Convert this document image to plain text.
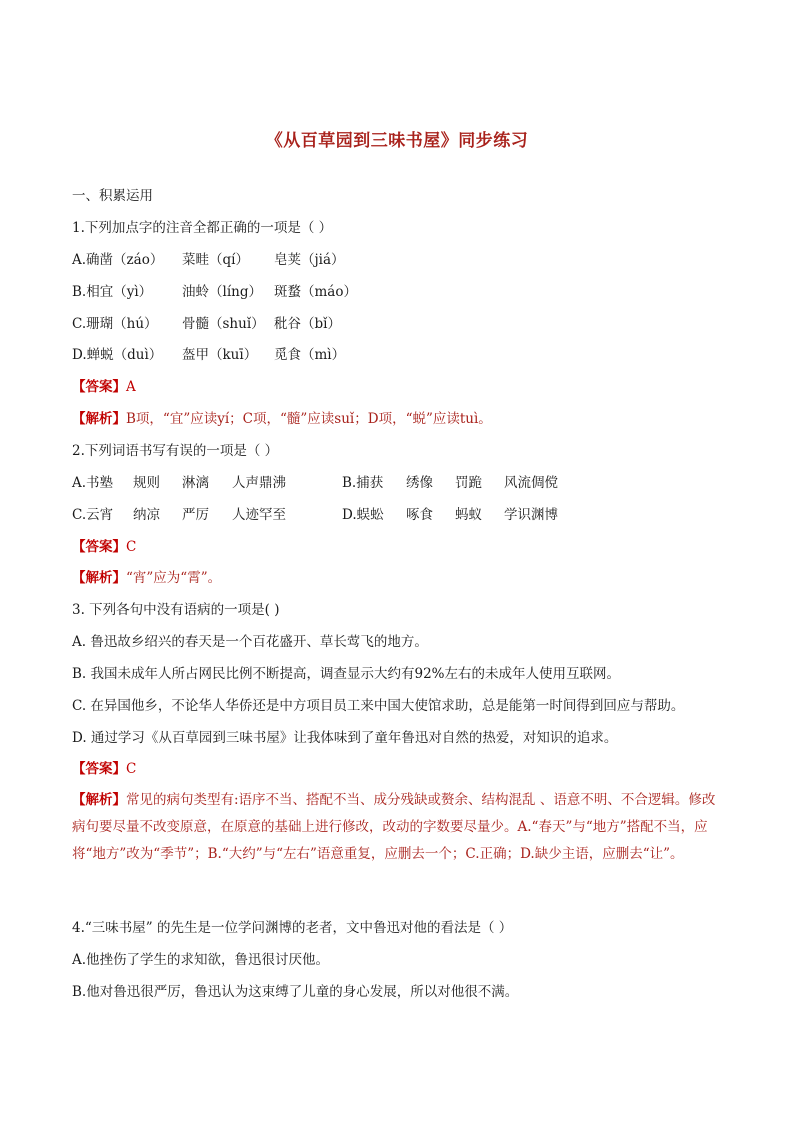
《从百草园到三味书屋》同步练习
一、积累运用
1.下列加点字的注音全都正确的一项是（ ）
A.确凿（záo） 菜畦（qí） 皂荚（jiá）
B.相宜（yì） 油蛉（líng） 斑蝥（máo）
C.珊瑚（hú） 骨髓（shuǐ） 秕谷（bǐ）
D.蝉蜕（duì） 盔甲（kuī） 觅食（mì）
【答案】A
【解析】B项，“宜”应读yí；C项，“髓”应读suǐ；D项，“蜕”应读tuì。
2.下列词语书写有误的一项是（ ）
A.书塾 规则 淋漓 人声鼎沸	B.捕获 绣像 罚跪 风流倜傥
C.云宵 纳凉 严厉 人迹罕至	D.蜈蚣 啄食 蚂蚁 学识渊博
【答案】C
【解析】“宵”应为“霄”。
3. 下列各句中没有语病的一项是( )
A. 鲁迅故乡绍兴的春天是一个百花盛开、草长莺飞的地方。
B. 我国未成年人所占网民比例不断提高，调查显示大约有92%左右的未成年人使用互联网。
C. 在异国他乡，不论华人华侨还是中方项目员工来中国大使馆求助，总是能第一时间得到回应与帮助。
D. 通过学习《从百草园到三味书屋》让我体味到了童年鲁迅对自然的热爱，对知识的追求。
【答案】C
【解析】常见的病句类型有:语序不当、搭配不当、成分残缺或赘余、结构混乱 、语意不明、不合逻辑。修改病句要尽量不改变原意，在原意的基础上进行修改，改动的字数要尽量少。A.“春天”与“地方”搭配不当，应将“地方”改为“季节”；B.“大约”与“左右”语意重复，应删去一个；C.正确；D.缺少主语，应删去“让”。
4.“三味书屋” 的先生是一位学问渊博的老者，文中鲁迅对他的看法是（ ）
A.他挫伤了学生的求知欲，鲁迅很讨厌他。
B.他对鲁迅很严厉，鲁迅认为这束缚了儿童的身心发展，所以对他很不满。
